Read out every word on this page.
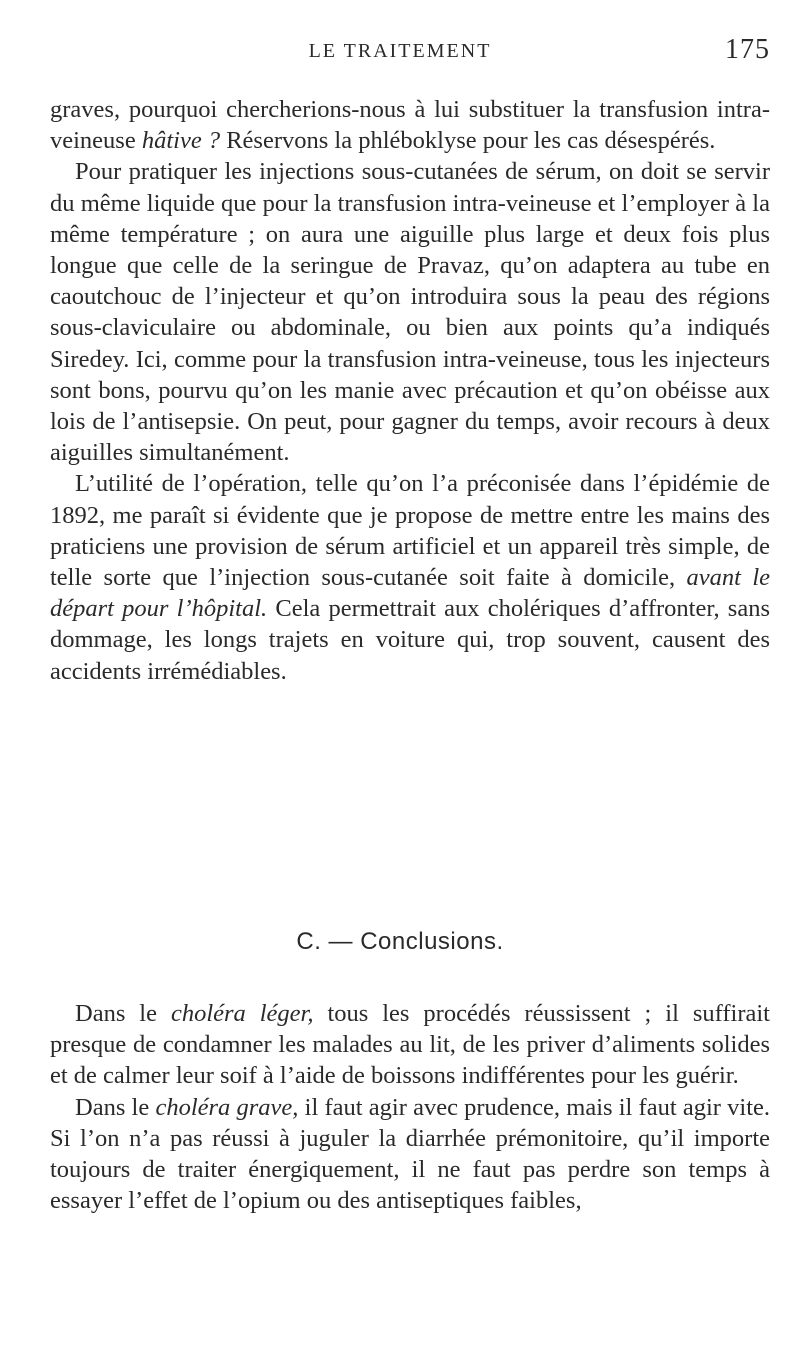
LE TRAITEMENT	175

graves, pourquoi chercherions-nous à lui substituer la transfusion intra-veineuse hâtive ? Réservons la phléboklyse pour les cas désespérés.

Pour pratiquer les injections sous-cutanées de sérum, on doit se servir du même liquide que pour la transfusion intra-veineuse et l’employer à la même température ; on aura une aiguille plus large et deux fois plus longue que celle de la seringue de Pravaz, qu’on adaptera au tube en caoutchouc de l’injecteur et qu’on introduira sous la peau des régions sous-claviculaire ou abdominale, ou bien aux points qu’a indiqués Siredey. Ici, comme pour la transfusion intra-veineuse, tous les injecteurs sont bons, pourvu qu’on les manie avec précaution et qu’on obéisse aux lois de l’antisepsie. On peut, pour gagner du temps, avoir recours à deux aiguilles simultanément.

L’utilité de l’opération, telle qu’on l’a préconisée dans l’épidémie de 1892, me paraît si évidente que je propose de mettre entre les mains des praticiens une provision de sérum artificiel et un appareil très simple, de telle sorte que l’injection sous-cutanée soit faite à domicile, avant le départ pour l’hôpital. Cela permettrait aux cholériques d’affronter, sans dommage, les longs trajets en voiture qui, trop souvent, causent des accidents irrémédiables.

C. — Conclusions.

Dans le choléra léger, tous les procédés réussissent ; il suffirait presque de condamner les malades au lit, de les priver d’aliments solides et de calmer leur soif à l’aide de boissons indifférentes pour les guérir.

Dans le choléra grave, il faut agir avec prudence, mais il faut agir vite. Si l’on n’a pas réussi à juguler la diarrhée prémonitoire, qu’il importe toujours de traiter énergiquement, il ne faut pas perdre son temps à essayer l’effet de l’opium ou des antiseptiques faibles,
